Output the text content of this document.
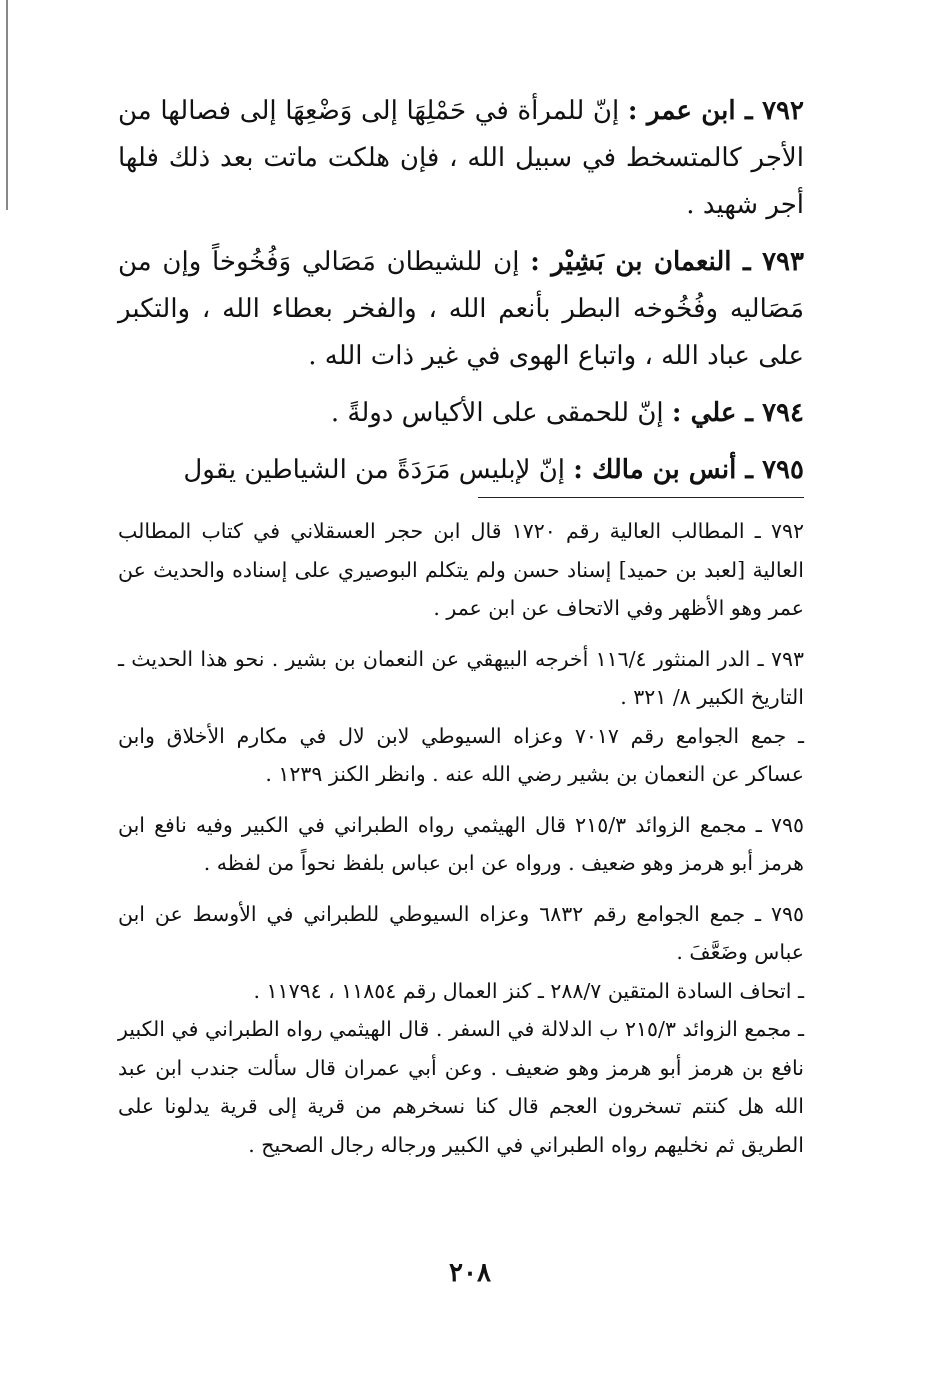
٧٩٢ ـ ابن عمر : إنّ للمرأة في حَمْلِهَا إلى وَضْعِهَا إلى فصالها من الأجر كالمتسخط في سبيل الله ، فإن هلكت ماتت بعد ذلك فلها أجر شهيد .

٧٩٣ ـ النعمان بن بَشِيْر : إن للشيطان مَصَالي وَفُخُوخاً وإن من مَصَاليه وفُخُوخه البطر بأنعم الله ، والفخر بعطاء الله ، والتكبر على عباد الله ، واتباع الهوى في غير ذات الله .

٧٩٤ ـ علي : إنّ للحمقى على الأكياس دولةً .

٧٩٥ ـ أنس بن مالك : إنّ لإبليس مَرَدَةً من الشياطين يقول

٧٩٢ ـ المطالب العالية رقم ١٧٢٠ قال ابن حجر العسقلاني في كتاب المطالب العالية [لعبد بن حميد] إسناد حسن ولم يتكلم البوصيري على إسناده والحديث عن عمر وهو الأظهر وفي الاتحاف عن ابن عمر .

٧٩٣ ـ الدر المنثور ١١٦/٤ أخرجه البيهقي عن النعمان بن بشير . نحو هذا الحديث ـ التاريخ الكبير ٨/ ٣٢١ .

ـ جمع الجوامع رقم ٧٠١٧ وعزاه السيوطي لابن لال في مكارم الأخلاق وابن عساكر عن النعمان بن بشير رضي الله عنه . وانظر الكنز ١٢٣٩ .

٧٩٥ ـ مجمع الزوائد ٢١٥/٣ قال الهيثمي رواه الطبراني في الكبير وفيه نافع ابن هرمز أبو هرمز وهو ضعيف . ورواه عن ابن عباس بلفظ نحواً من لفظه .

٧٩٥ ـ جمع الجوامع رقم ٦٨٣٢ وعزاه السيوطي للطبراني في الأوسط عن ابن عباس وضَعَّفَ .

ـ اتحاف السادة المتقين ٢٨٨/٧ ـ كنز العمال رقم ١١٨٥٤ ، ١١٧٩٤ .

ـ مجمع الزوائد ٢١٥/٣ ب الدلالة في السفر . قال الهيثمي رواه الطبراني في الكبير نافع بن هرمز أبو هرمز وهو ضعيف . وعن أبي عمران قال سألت جندب ابن عبد الله هل كنتم تسخرون العجم قال كنا نسخرهم من قرية إلى قرية يدلونا على الطريق ثم نخليهم رواه الطبراني في الكبير ورجاله رجال الصحيح .

٢٠٨
